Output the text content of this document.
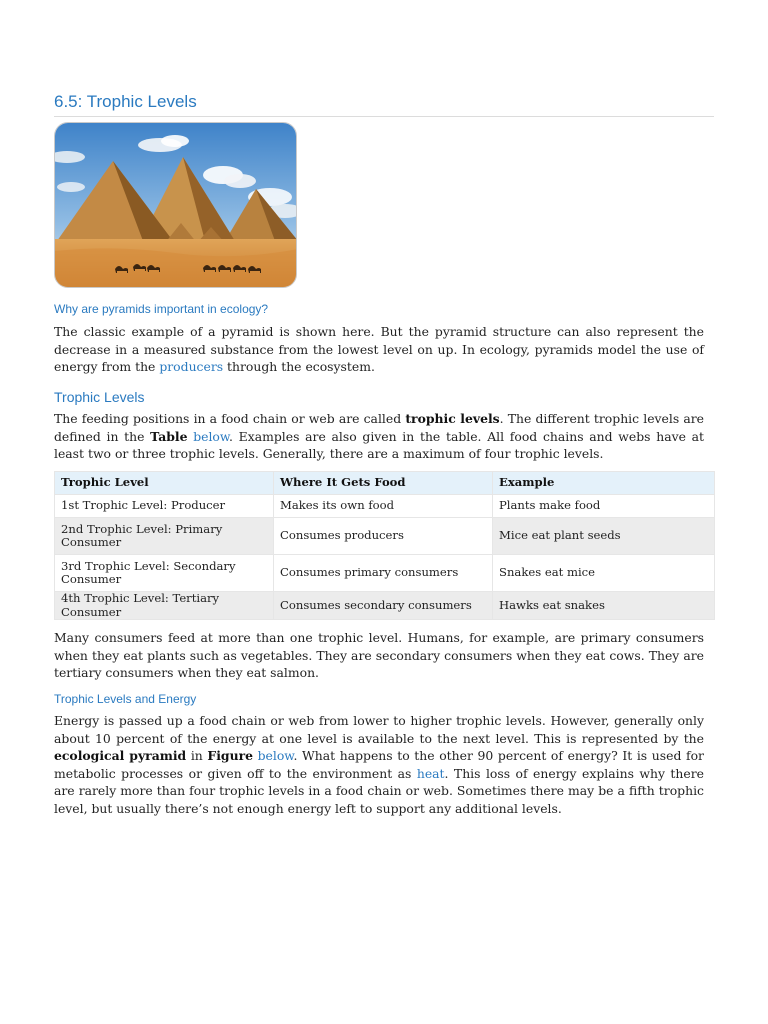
6.5: Trophic Levels
Why are pyramids important in ecology?

The classic example of a pyramid is shown here. But the pyramid structure can also represent the decrease in a measured substance from the lowest level on up. In ecology, pyramids model the use of energy from the producers through the ecosystem.

Trophic Levels

The feeding positions in a food chain or web are called trophic levels. The different trophic levels are defined in the Table below. Examples are also given in the table. All food chains and webs have at least two or three trophic levels. Generally, there are a maximum of four trophic levels.

Trophic Level	Where It Gets Food	Example
1st Trophic Level: Producer	Makes its own food	Plants make food
2nd Trophic Level: Primary Consumer	Consumes producers	Mice eat plant seeds
3rd Trophic Level: Secondary Consumer	Consumes primary consumers	Snakes eat mice
4th Trophic Level: Tertiary Consumer	Consumes secondary consumers	Hawks eat snakes

Many consumers feed at more than one trophic level. Humans, for example, are primary consumers when they eat plants such as vegetables. They are secondary consumers when they eat cows. They are tertiary consumers when they eat salmon.

Trophic Levels and Energy

Energy is passed up a food chain or web from lower to higher trophic levels. However, generally only about 10 percent of the energy at one level is available to the next level. This is represented by the ecological pyramid in Figure below. What happens to the other 90 percent of energy? It is used for metabolic processes or given off to the environment as heat. This loss of energy explains why there are rarely more than four trophic levels in a food chain or web. Sometimes there may be a fifth trophic level, but usually there’s not enough energy left to support any additional levels.
